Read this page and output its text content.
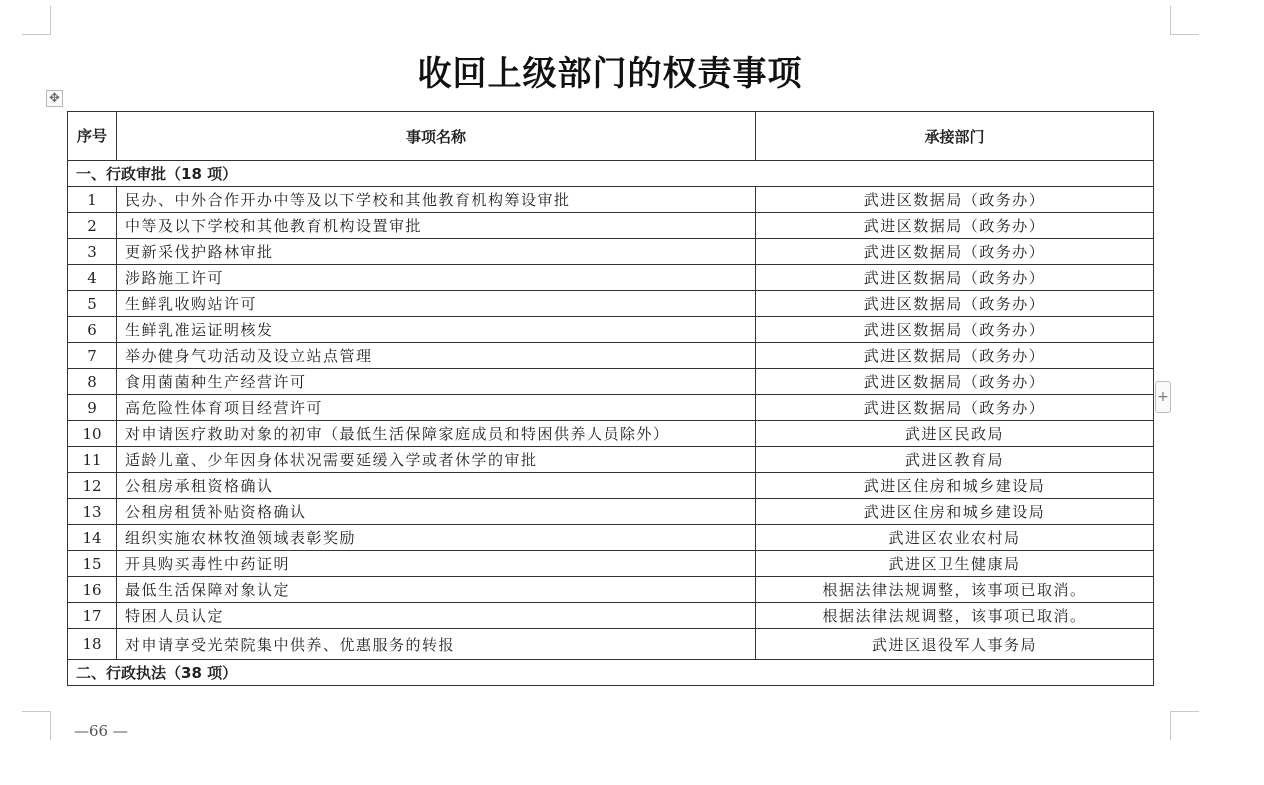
收回上级部门的权责事项
✥
+
序号	事项名称	承接部门
一、行政审批（18 项）		
1	民办、中外合作开办中等及以下学校和其他教育机构筹设审批	武进区数据局（政务办）
2	中等及以下学校和其他教育机构设置审批	武进区数据局（政务办）
3	更新采伐护路林审批	武进区数据局（政务办）
4	涉路施工许可	武进区数据局（政务办）
5	生鲜乳收购站许可	武进区数据局（政务办）
6	生鲜乳准运证明核发	武进区数据局（政务办）
7	举办健身气功活动及设立站点管理	武进区数据局（政务办）
8	食用菌菌种生产经营许可	武进区数据局（政务办）
9	高危险性体育项目经营许可	武进区数据局（政务办）
10	对申请医疗救助对象的初审（最低生活保障家庭成员和特困供养人员除外）	武进区民政局
11	适龄儿童、少年因身体状况需要延缓入学或者休学的审批	武进区教育局
12	公租房承租资格确认	武进区住房和城乡建设局
13	公租房租赁补贴资格确认	武进区住房和城乡建设局
14	组织实施农林牧渔领域表彰奖励	武进区农业农村局
15	开具购买毒性中药证明	武进区卫生健康局
16	最低生活保障对象认定	根据法律法规调整，该事项已取消。
17	特困人员认定	根据法律法规调整，该事项已取消。
18	对申请享受光荣院集中供养、优惠服务的转报	武进区退役军人事务局
二、行政执法（38 项）		
—66 —
